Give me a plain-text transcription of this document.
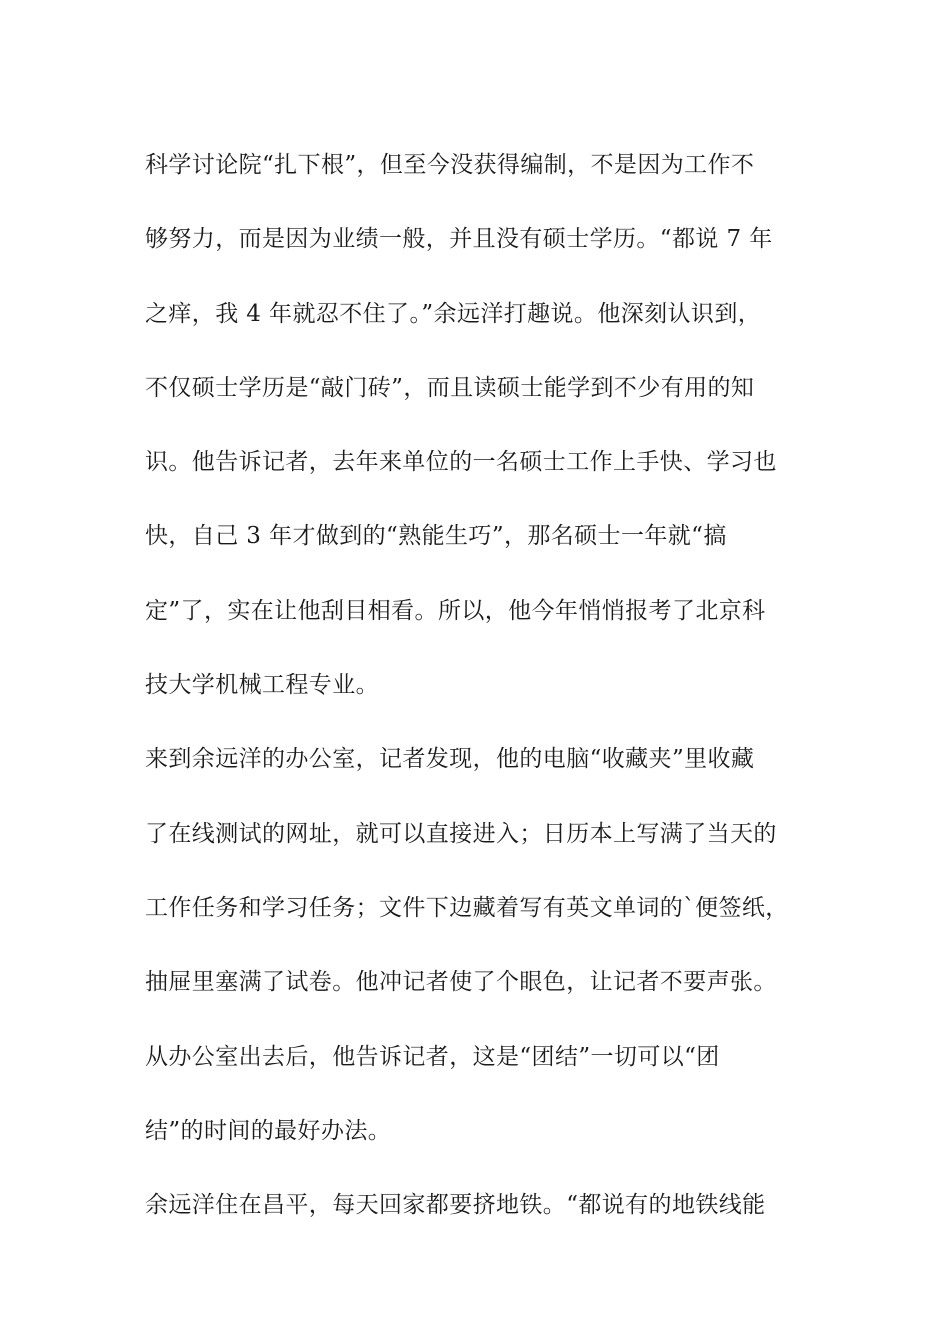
科学讨论院“扎下根”，但至今没获得编制，不是因为工作不
够努力，而是因为业绩一般，并且没有硕士学历。“都说 7 年
之痒，我 4 年就忍不住了。”余远洋打趣说。他深刻认识到，
不仅硕士学历是“敲门砖”，而且读硕士能学到不少有用的知
识。他告诉记者，去年来单位的一名硕士工作上手快、学习也
快，自己 3 年才做到的“熟能生巧”，那名硕士一年就“搞
定”了，实在让他刮目相看。所以，他今年悄悄报考了北京科
技大学机械工程专业。
来到余远洋的办公室，记者发现，他的电脑“收藏夹”里收藏
了在线测试的网址，就可以直接进入；日历本上写满了当天的
工作任务和学习任务；文件下边藏着写有英文单词的`便签纸，
抽屉里塞满了试卷。他冲记者使了个眼色，让记者不要声张。
从办公室出去后，他告诉记者，这是“团结”一切可以“团
结”的时间的最好办法。
余远洋住在昌平，每天回家都要挤地铁。“都说有的地铁线能
